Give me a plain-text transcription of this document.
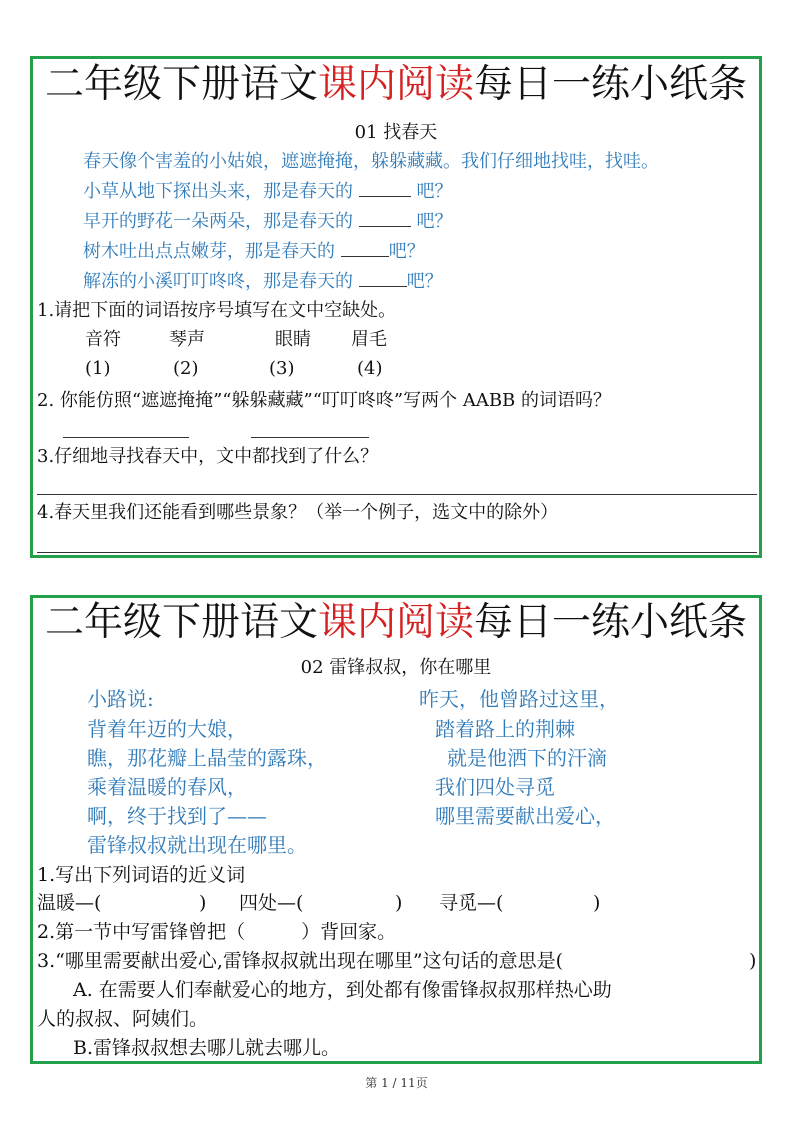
二年级下册语文课内阅读每日一练小纸条
01 找春天
春天像个害羞的小姑娘，遮遮掩掩，躲躲藏藏。我们仔细地找哇，找哇。
小草从地下探出头来，那是春天的	吧？
早开的野花一朵两朵，那是春天的	吧？
树木吐出点点嫩芽，那是春天的	吧？
解冻的小溪叮叮咚咚，那是春天的	吧？
1.请把下面的词语按序号填写在文中空缺处。
音符	琴声	眼睛 眉毛
(1)	(2)	(3)	(4)
2. 你能仿照“遮遮掩掩”“躲躲藏藏”“叮叮咚咚”写两个 AABB 的词语吗？
3.仔细地寻找春天中，文中都找到了什么？
4.春天里我们还能看到哪些景象？（举一个例子，选文中的除外）
二年级下册语文课内阅读每日一练小纸条
02 雷锋叔叔，你在哪里
小路说:
背着年迈的大娘，
瞧，那花瓣上晶莹的露珠，
乘着温暖的春风，
啊，终于找到了——
雷锋叔叔就出现在哪里。
昨天，他曾路过这里，
踏着路上的荆棘
就是他洒下的汗滴
我们四处寻觅
哪里需要献出爱心，
1.写出下列词语的近义词
温暖—(	) 四处—(	) 寻觅—(	)
2.第一节中写雷锋曾把（	）背回家。
3.“哪里需要献出爱心,雷锋叔叔就出现在哪里”这句话的意思是(	)
A. 在需要人们奉献爱心的地方，到处都有像雷锋叔叔那样热心助
人的叔叔、阿姨们。
B.雷锋叔叔想去哪儿就去哪儿。
第 1 / 11页
